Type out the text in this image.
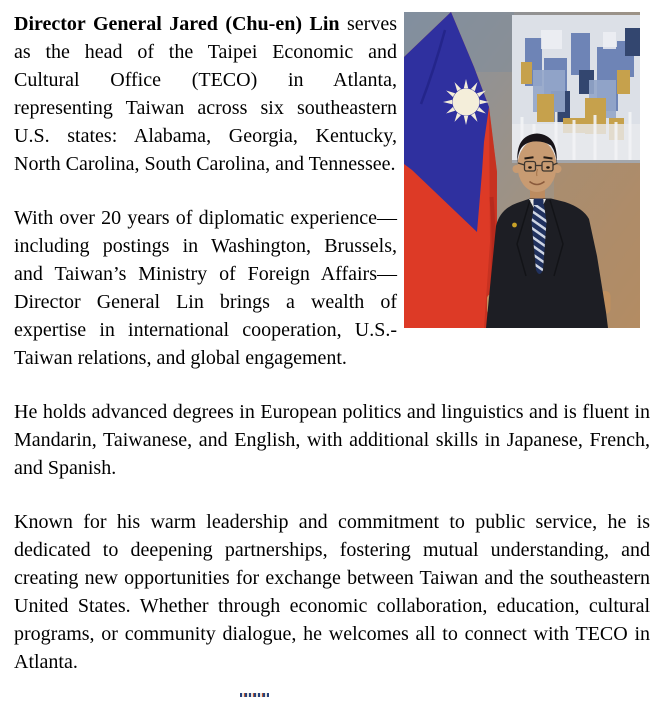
Director General Jared (Chu-en) Lin serves as the head of the Taipei Economic and Cultural Office (TECO) in Atlanta, representing Taiwan across six southeastern U.S. states: Alabama, Georgia, Kentucky, North Carolina, South Carolina, and Tennessee.

With over 20 years of diplomatic experience—including postings in Washington, Brussels, and Taiwan’s Ministry of Foreign Affairs—Director General Lin brings a wealth of expertise in international cooperation, U.S.-Taiwan relations, and global engagement.

He holds advanced degrees in European politics and linguistics and is fluent in Mandarin, Taiwanese, and English, with additional skills in Japanese, French, and Spanish.

Known for his warm leadership and commitment to public service, he is dedicated to deepening partnerships, fostering mutual understanding, and creating new opportunities for exchange between Taiwan and the southeastern United States. Whether through economic collaboration, education, cultural programs, or community dialogue, he welcomes all to connect with TECO in Atlanta.
